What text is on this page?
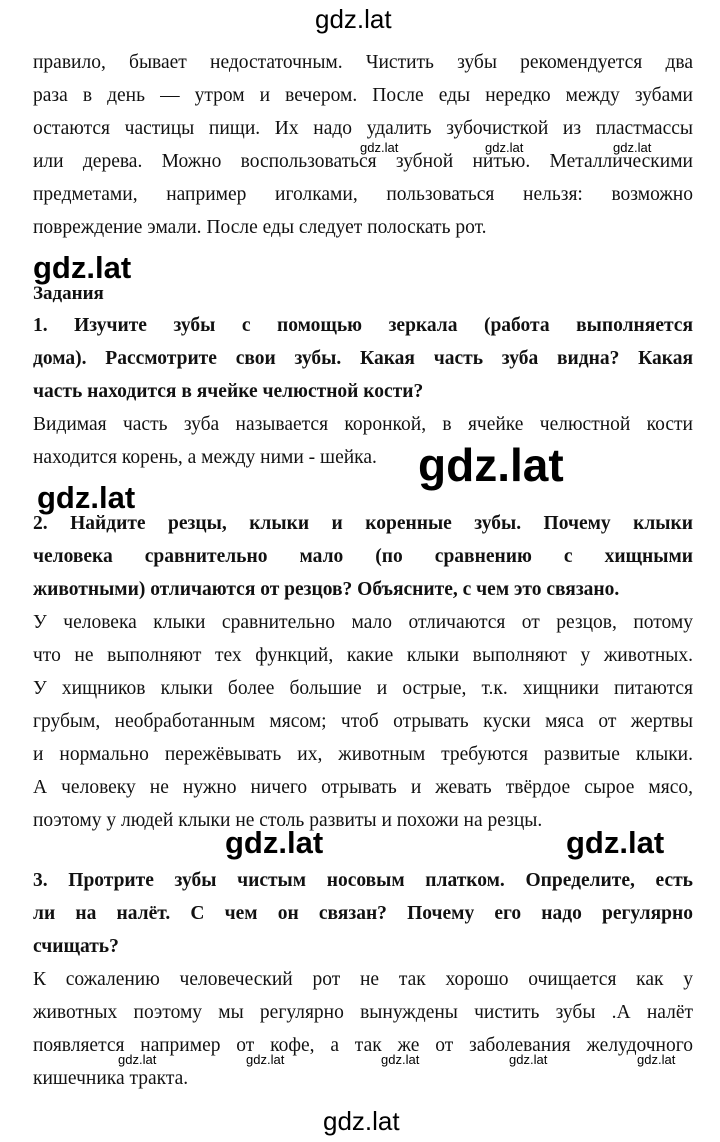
gdz.lat
правило, бывает недостаточным. Чистить зубы рекомендуется два
раза в день — утром и вечером. После еды нередко между зубами
остаются частицы пищи. Их надо удалить зубочисткой из пластмассы
или дерева. Можно воспользоваться зубной нитью. Металлическими
предметами, например иголками, пользоваться нельзя: возможно
повреждение эмали. После еды следует полоскать рот.
gdz.lat	gdz.lat	gdz.lat
gdz.lat
Задания
1. Изучите зубы с помощью зеркала (работа выполняется
дома). Рассмотрите свои зубы. Какая часть зуба видна? Какая
часть находится в ячейке челюстной кости?
Видимая часть зуба называется коронкой, в ячейке челюстной кости
находится корень, а между ними - шейка. gdz.lat
gdz.lat
2. Найдите резцы, клыки и коренные зубы. Почему клыки
человека сравнительно мало (по сравнению с хищными
животными) отличаются от резцов? Объясните, с чем это связано.
У человека клыки сравнительно мало отличаются от резцов, потому
что не выполняют тех функций, какие клыки выполняют у животных.
У хищников клыки более большие и острые, т.к. хищники питаются
грубым, необработанным мясом; чтоб отрывать куски мяса от жертвы
и нормально пережёвывать их, животным требуются развитые клыки.
А человеку не нужно ничего отрывать и жевать твёрдое сырое мясо,
поэтому у людей клыки не столь развиты и похожи на резцы.
gdz.lat	gdz.lat
3. Протрите зубы чистым носовым платком. Определите, есть
ли на налёт. С чем он связан? Почему его надо регулярно
счищать?
К сожалению человеческий рот не так хорошо очищается как у
животных поэтому мы регулярно вынуждены чистить зубы .А налёт
появляется например от кофе, а так же от заболевания желудочного
кишечника тракта.
gdz.lat	gdz.lat	gdz.lat	gdz.lat	gdz.lat
gdz.lat
